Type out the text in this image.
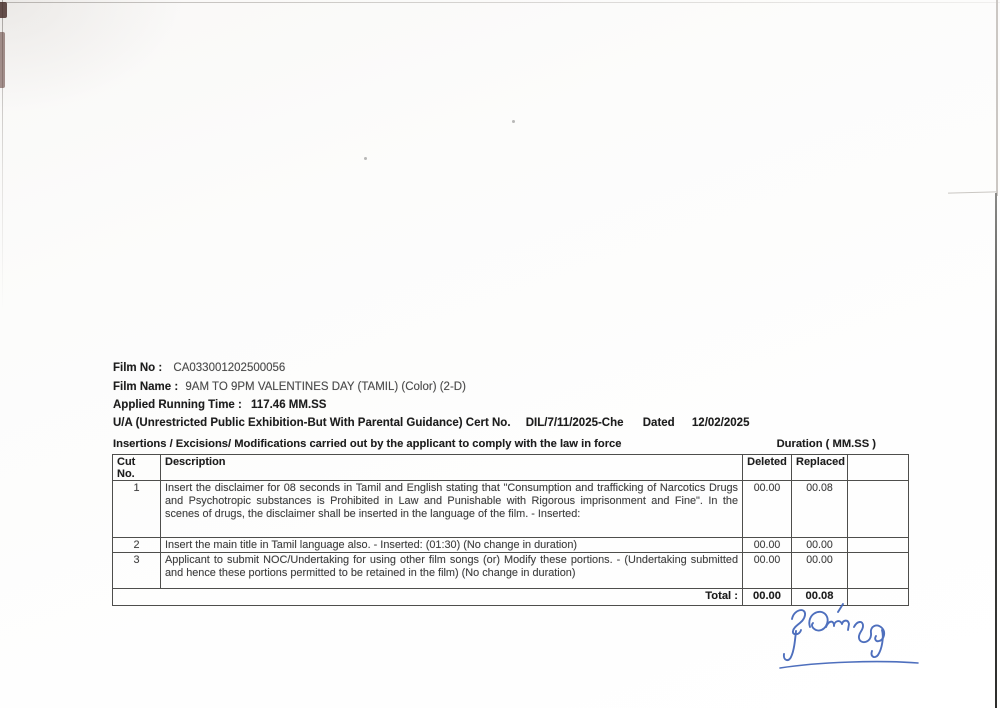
Film No : CA033001202500056
Film Name : 9AM TO 9PM VALENTINES DAY (TAMIL) (Color) (2-D)
Applied Running Time : 117.46 MM.SS
U/A (Unrestricted Public Exhibition-But With Parental Guidance) Cert No. DIL/7/11/2025-Che Dated 12/02/2025
Insertions / Excisions/ Modifications carried out by the applicant to comply with the law in force	Duration ( MM.SS )
Cut No.	Description	Deleted	Replaced	
1	Insert the disclaimer for 08 seconds in Tamil and English stating that "Consumption and trafficking of Narcotics Drugs and Psychotropic substances is Prohibited in Law and Punishable with Rigorous imprisonment and Fine". In the scenes of drugs, the disclaimer shall be inserted in the language of the film. - Inserted:	00.00	00.08	
2	Insert the main title in Tamil language also. - Inserted: (01:30) (No change in duration)	00.00	00.00	
3	Applicant to submit NOC/Undertaking for using other film songs (or) Modify these portions. - (Undertaking submitted and hence these portions permitted to be retained in the film) (No change in duration)	00.00	00.00	
Total :		00.00	00.08	
